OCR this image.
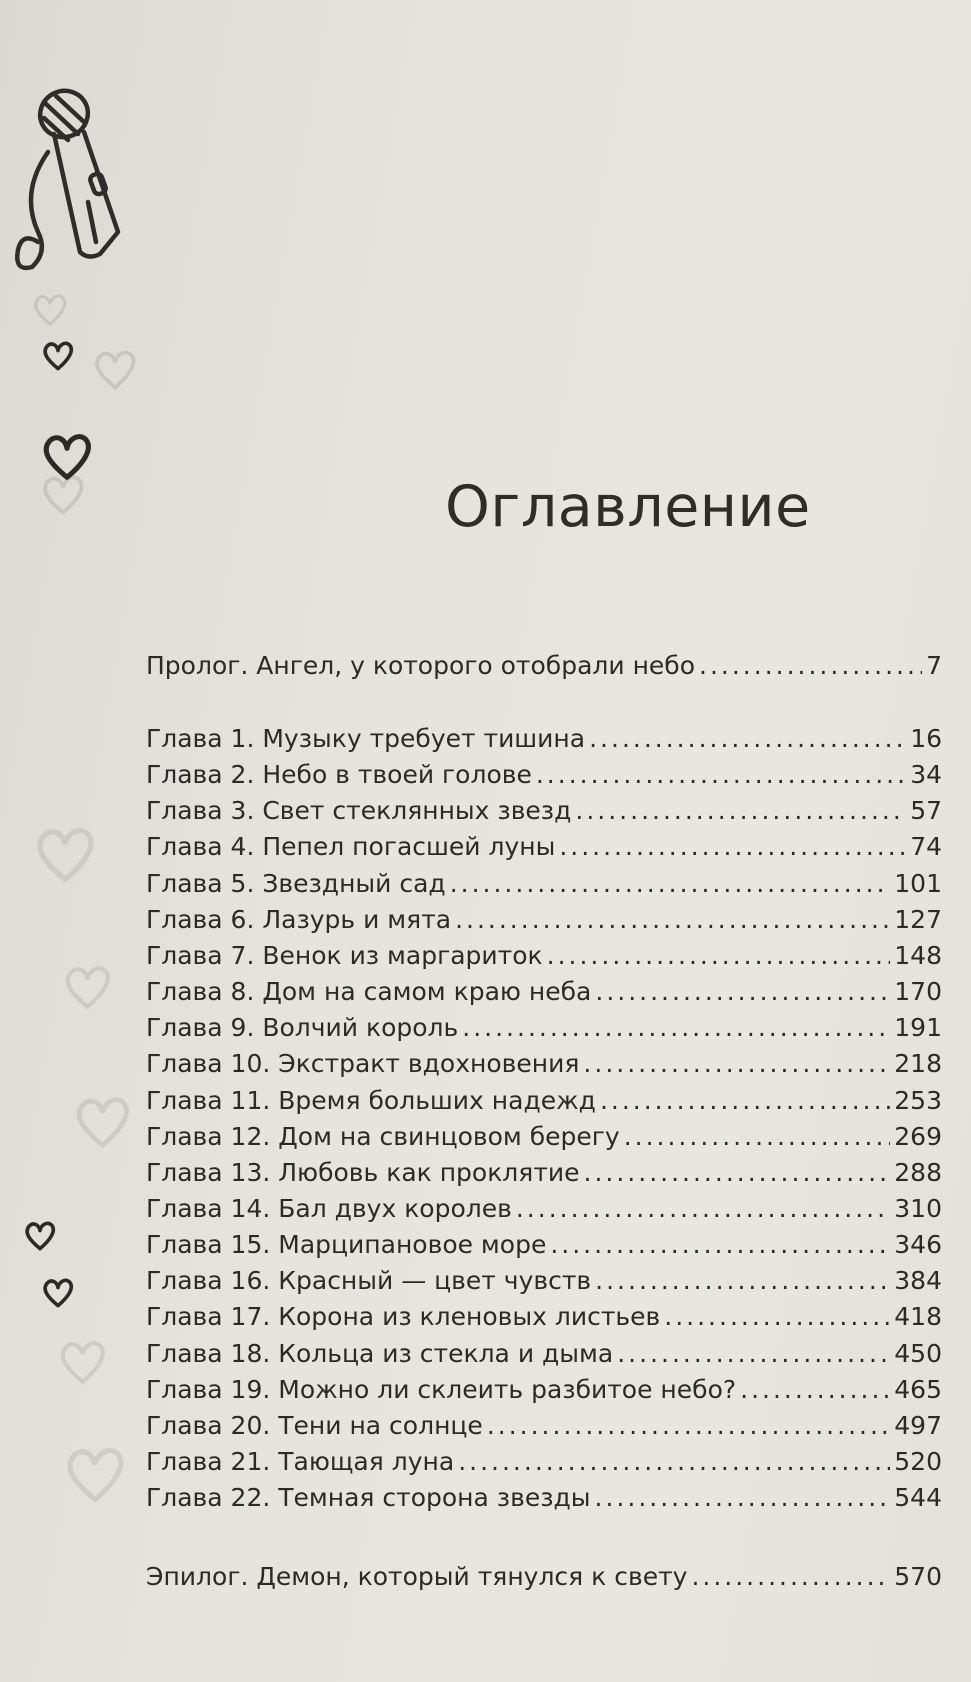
Оглавление
Пролог. Ангел, у которого отобрали небо .....	7
Глава 1. Музыку требует тишина .....	16
Глава 2. Небо в твоей голове .....	34
Глава 3. Свет стеклянных звезд .....	57
Глава 4. Пепел погасшей луны .....	74
Глава 5. Звездный сад .....	101
Глава 6. Лазурь и мята .....	127
Глава 7. Венок из маргариток .....	148
Глава 8. Дом на самом краю неба .....	170
Глава 9. Волчий король .....	191
Глава 10. Экстракт вдохновения .....	218
Глава 11. Время больших надежд .....	253
Глава 12. Дом на свинцовом берегу .....	269
Глава 13. Любовь как проклятие .....	288
Глава 14. Бал двух королев .....	310
Глава 15. Марципановое море .....	346
Глава 16. Красный — цвет чувств .....	384
Глава 17. Корона из кленовых листьев .....	418
Глава 18. Кольца из стекла и дыма .....	450
Глава 19. Можно ли склеить разбитое небо? .....	465
Глава 20. Тени на солнце .....	497
Глава 21. Тающая луна .....	520
Глава 22. Темная сторона звезды .....	544
Эпилог. Демон, который тянулся к свету .....	570
